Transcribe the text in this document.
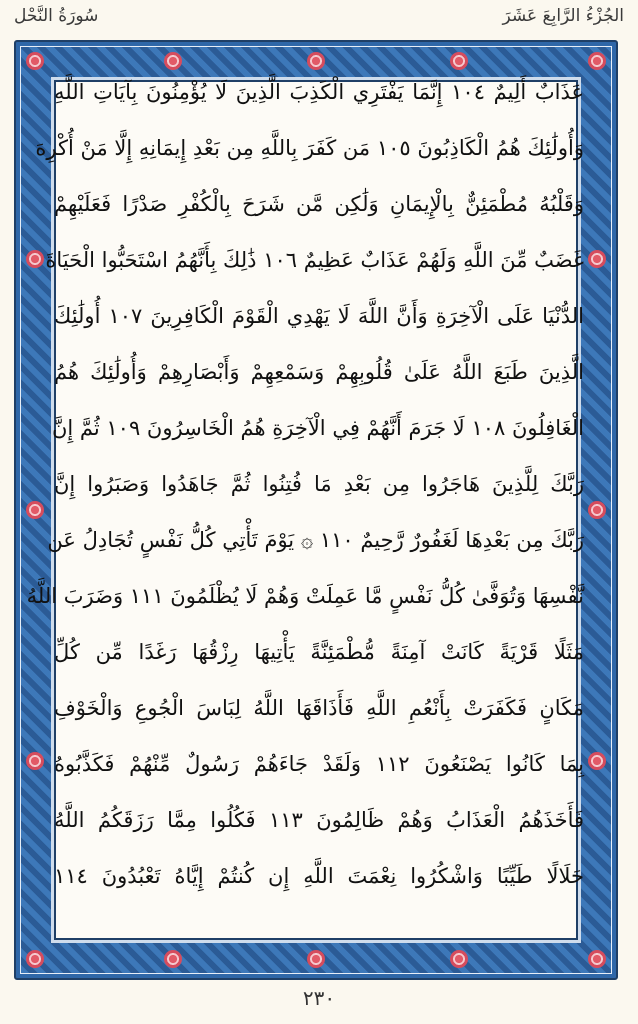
سُورَةُ النَّحْل	الجُزْءُ الرَّابِعَ عَشَرَ
عَذَابٌ أَلِيمٌ ١٠٤ إِنَّمَا يَفْتَرِي الْكَذِبَ الَّذِينَ لَا يُؤْمِنُونَ بِآيَاتِ اللَّهِ
وَأُولَٰئِكَ هُمُ الْكَاذِبُونَ ١٠٥ مَن كَفَرَ بِاللَّهِ مِن بَعْدِ إِيمَانِهِ إِلَّا مَنْ أُكْرِهَ
وَقَلْبُهُ مُطْمَئِنٌّ بِالْإِيمَانِ وَلَٰكِن مَّن شَرَحَ بِالْكُفْرِ صَدْرًا فَعَلَيْهِمْ
غَضَبٌ مِّنَ اللَّهِ وَلَهُمْ عَذَابٌ عَظِيمٌ ١٠٦ ذَٰلِكَ بِأَنَّهُمُ اسْتَحَبُّوا الْحَيَاةَ
الدُّنْيَا عَلَى الْآخِرَةِ وَأَنَّ اللَّهَ لَا يَهْدِي الْقَوْمَ الْكَافِرِينَ ١٠٧ أُولَٰئِكَ
الَّذِينَ طَبَعَ اللَّهُ عَلَىٰ قُلُوبِهِمْ وَسَمْعِهِمْ وَأَبْصَارِهِمْ وَأُولَٰئِكَ هُمُ
الْغَافِلُونَ ١٠٨ لَا جَرَمَ أَنَّهُمْ فِي الْآخِرَةِ هُمُ الْخَاسِرُونَ ١٠٩ ثُمَّ إِنَّ
رَبَّكَ لِلَّذِينَ هَاجَرُوا مِن بَعْدِ مَا فُتِنُوا ثُمَّ جَاهَدُوا وَصَبَرُوا إِنَّ
رَبَّكَ مِن بَعْدِهَا لَغَفُورٌ رَّحِيمٌ ١١٠ ۞ يَوْمَ تَأْتِي كُلُّ نَفْسٍ تُجَادِلُ عَن
نَّفْسِهَا وَتُوَفَّىٰ كُلُّ نَفْسٍ مَّا عَمِلَتْ وَهُمْ لَا يُظْلَمُونَ ١١١ وَضَرَبَ اللَّهُ
مَثَلًا قَرْيَةً كَانَتْ آمِنَةً مُّطْمَئِنَّةً يَأْتِيهَا رِزْقُهَا رَغَدًا مِّن كُلِّ
مَكَانٍ فَكَفَرَتْ بِأَنْعُمِ اللَّهِ فَأَذَاقَهَا اللَّهُ لِبَاسَ الْجُوعِ وَالْخَوْفِ
بِمَا كَانُوا يَصْنَعُونَ ١١٢ وَلَقَدْ جَاءَهُمْ رَسُولٌ مِّنْهُمْ فَكَذَّبُوهُ
فَأَخَذَهُمُ الْعَذَابُ وَهُمْ ظَالِمُونَ ١١٣ فَكُلُوا مِمَّا رَزَقَكُمُ اللَّهُ
حَلَالًا طَيِّبًا وَاشْكُرُوا نِعْمَتَ اللَّهِ إِن كُنتُمْ إِيَّاهُ تَعْبُدُونَ ١١٤
٢٣٠
